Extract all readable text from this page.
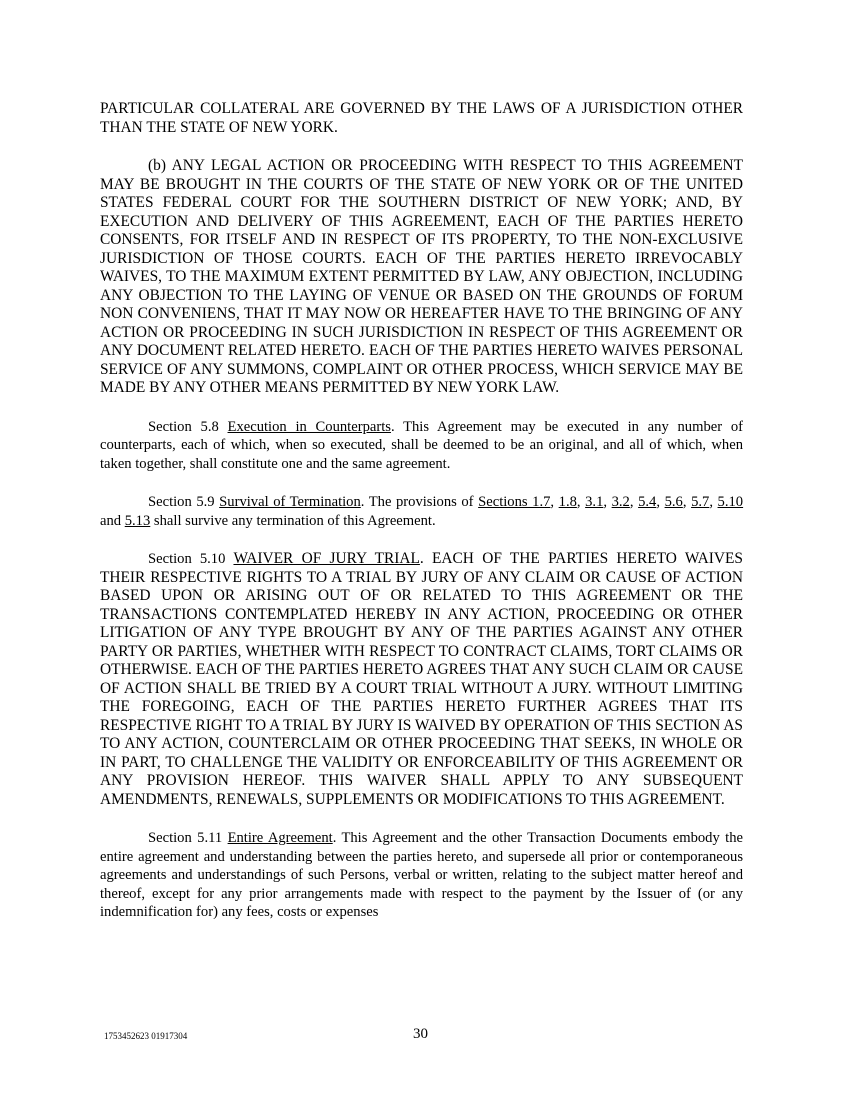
PARTICULAR COLLATERAL ARE GOVERNED BY THE LAWS OF A JURISDICTION OTHER THAN THE STATE OF NEW YORK.

(b) ANY LEGAL ACTION OR PROCEEDING WITH RESPECT TO THIS AGREEMENT MAY BE BROUGHT IN THE COURTS OF THE STATE OF NEW YORK OR OF THE UNITED STATES FEDERAL COURT FOR THE SOUTHERN DISTRICT OF NEW YORK; AND, BY EXECUTION AND DELIVERY OF THIS AGREEMENT, EACH OF THE PARTIES HERETO CONSENTS, FOR ITSELF AND IN RESPECT OF ITS PROPERTY, TO THE NON-EXCLUSIVE JURISDICTION OF THOSE COURTS. EACH OF THE PARTIES HERETO IRREVOCABLY WAIVES, TO THE MAXIMUM EXTENT PERMITTED BY LAW, ANY OBJECTION, INCLUDING ANY OBJECTION TO THE LAYING OF VENUE OR BASED ON THE GROUNDS OF FORUM NON CONVENIENS, THAT IT MAY NOW OR HEREAFTER HAVE TO THE BRINGING OF ANY ACTION OR PROCEEDING IN SUCH JURISDICTION IN RESPECT OF THIS AGREEMENT OR ANY DOCUMENT RELATED HERETO. EACH OF THE PARTIES HERETO WAIVES PERSONAL SERVICE OF ANY SUMMONS, COMPLAINT OR OTHER PROCESS, WHICH SERVICE MAY BE MADE BY ANY OTHER MEANS PERMITTED BY NEW YORK LAW.

Section 5.8 Execution in Counterparts. This Agreement may be executed in any number of counterparts, each of which, when so executed, shall be deemed to be an original, and all of which, when taken together, shall constitute one and the same agreement.

Section 5.9 Survival of Termination. The provisions of Sections 1.7, 1.8, 3.1, 3.2, 5.4, 5.6, 5.7, 5.10 and 5.13 shall survive any termination of this Agreement.

Section 5.10 WAIVER OF JURY TRIAL. EACH OF THE PARTIES HERETO WAIVES THEIR RESPECTIVE RIGHTS TO A TRIAL BY JURY OF ANY CLAIM OR CAUSE OF ACTION BASED UPON OR ARISING OUT OF OR RELATED TO THIS AGREEMENT OR THE TRANSACTIONS CONTEMPLATED HEREBY IN ANY ACTION, PROCEEDING OR OTHER LITIGATION OF ANY TYPE BROUGHT BY ANY OF THE PARTIES AGAINST ANY OTHER PARTY OR PARTIES, WHETHER WITH RESPECT TO CONTRACT CLAIMS, TORT CLAIMS OR OTHERWISE. EACH OF THE PARTIES HERETO AGREES THAT ANY SUCH CLAIM OR CAUSE OF ACTION SHALL BE TRIED BY A COURT TRIAL WITHOUT A JURY. WITHOUT LIMITING THE FOREGOING, EACH OF THE PARTIES HERETO FURTHER AGREES THAT ITS RESPECTIVE RIGHT TO A TRIAL BY JURY IS WAIVED BY OPERATION OF THIS SECTION AS TO ANY ACTION, COUNTERCLAIM OR OTHER PROCEEDING THAT SEEKS, IN WHOLE OR IN PART, TO CHALLENGE THE VALIDITY OR ENFORCEABILITY OF THIS AGREEMENT OR ANY PROVISION HEREOF. THIS WAIVER SHALL APPLY TO ANY SUBSEQUENT AMENDMENTS, RENEWALS, SUPPLEMENTS OR MODIFICATIONS TO THIS AGREEMENT.

Section 5.11 Entire Agreement. This Agreement and the other Transaction Documents embody the entire agreement and understanding between the parties hereto, and supersede all prior or contemporaneous agreements and understandings of such Persons, verbal or written, relating to the subject matter hereof and thereof, except for any prior arrangements made with respect to the payment by the Issuer of (or any indemnification for) any fees, costs or expenses

1753452623 01917304	30
